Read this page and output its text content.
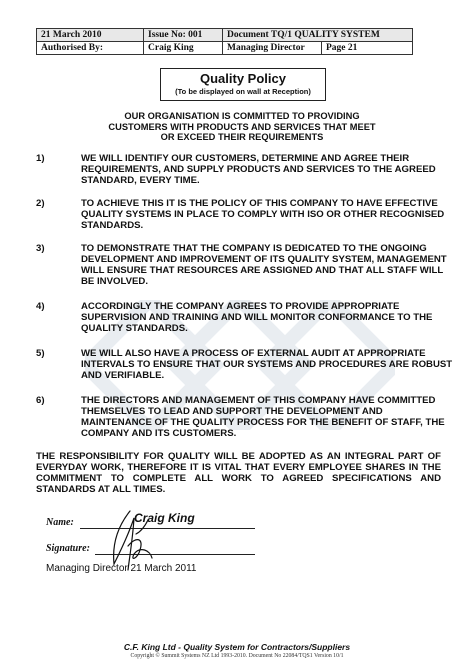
21 March 2010	Issue No: 001	Document TQ/1 QUALITY SYSTEM	
Authorised By:	Craig King	Managing Director	Page 21
Quality Policy
(To be displayed on wall at Reception)
OUR ORGANISATION IS COMMITTED TO PROVIDING CUSTOMERS WITH PRODUCTS AND SERVICES THAT MEET OR EXCEED THEIR REQUIREMENTS
1)	WE WILL IDENTIFY OUR CUSTOMERS, DETERMINE AND AGREE THEIR REQUIREMENTS, AND SUPPLY PRODUCTS AND SERVICES TO THE AGREED STANDARD, EVERY TIME.
2)	TO ACHIEVE THIS IT IS THE POLICY OF THIS COMPANY TO HAVE EFFECTIVE QUALITY SYSTEMS IN PLACE TO COMPLY WITH ISO OR OTHER RECOGNISED STANDARDS.
3)	TO DEMONSTRATE THAT THE COMPANY IS DEDICATED TO THE ONGOING DEVELOPMENT AND IMPROVEMENT OF ITS QUALITY SYSTEM, MANAGEMENT WILL ENSURE THAT RESOURCES ARE ASSIGNED AND THAT ALL STAFF WILL BE INVOLVED.
4)	ACCORDINGLY THE COMPANY AGREES TO PROVIDE APPROPRIATE SUPERVISION AND TRAINING AND WILL MONITOR CONFORMANCE TO THE QUALITY STANDARDS.
5)	WE WILL ALSO HAVE A PROCESS OF EXTERNAL AUDIT AT APPROPRIATE INTERVALS TO ENSURE THAT OUR SYSTEMS AND PROCEDURES ARE ROBUST AND VERIFIABLE.
6)	THE DIRECTORS AND MANAGEMENT OF THIS COMPANY HAVE COMMITTED THEMSELVES TO LEAD AND SUPPORT THE DEVELOPMENT AND MAINTENANCE OF THE QUALITY PROCESS FOR THE BENEFIT OF STAFF, THE COMPANY AND ITS CUSTOMERS.
THE RESPONSIBILITY FOR QUALITY WILL BE ADOPTED AS AN INTEGRAL PART OF EVERYDAY WORK, THEREFORE IT IS VITAL THAT EVERY EMPLOYEE SHARES IN THE COMMITMENT TO COMPLETE ALL WORK TO AGREED SPECIFICATIONS AND STANDARDS AT ALL TIMES.
Name:	Craig King
Signature:
Managing Director 21 March 2011
C.F. King Ltd - Quality System for Contractors/Suppliers
Copyright © Summit Systems NZ Ltd 1993-2010. Document No 22084/TQS1 Version 10/1
